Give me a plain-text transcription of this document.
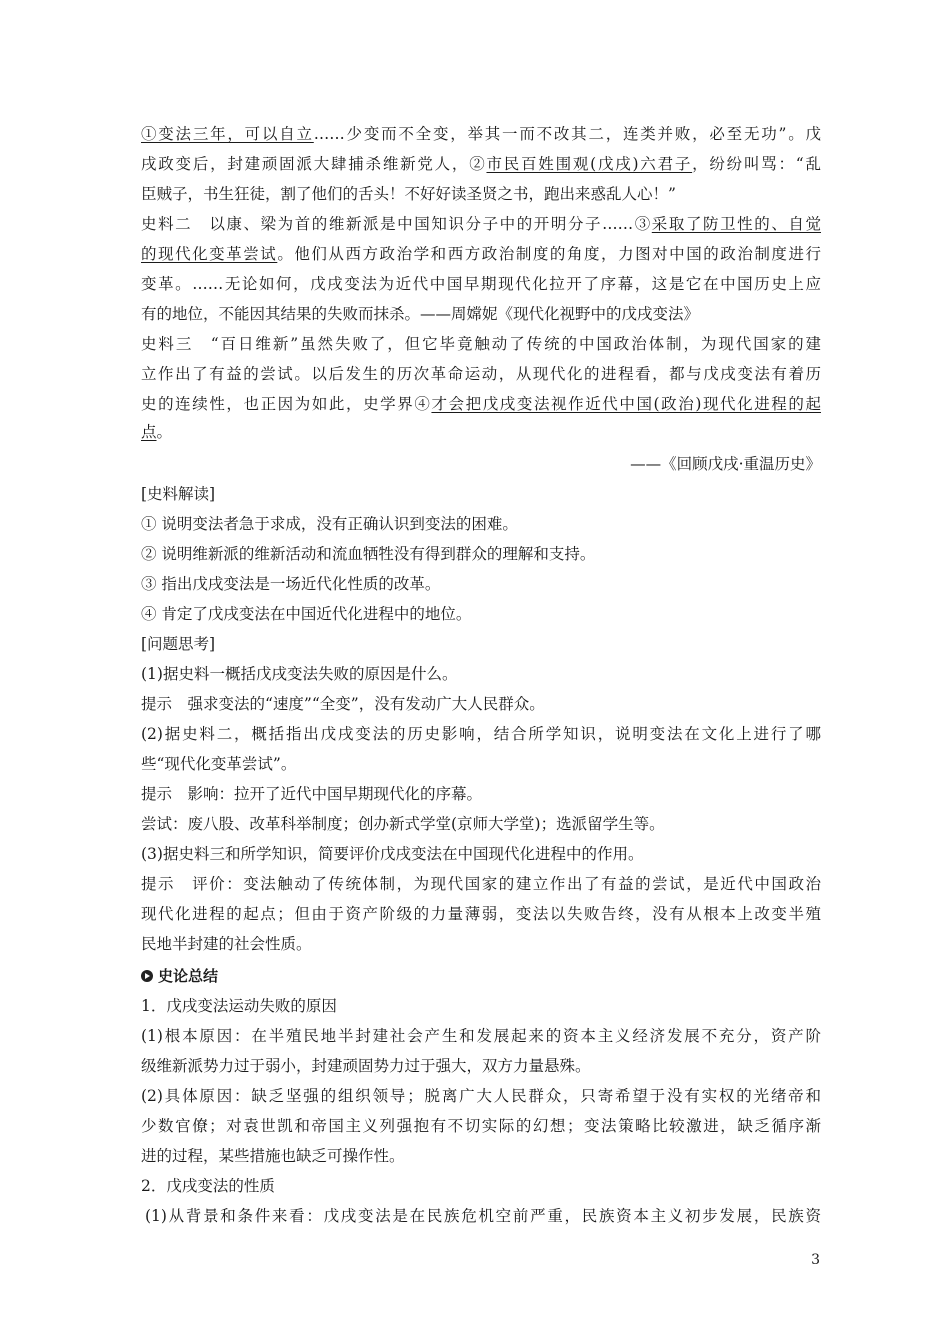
①变法三年，可以自立……少变而不全变，举其一而不改其二，连类并败，必至无功”。戊
戌政变后，封建顽固派大肆捕杀维新党人，②市民百姓围观(戊戌)六君子，纷纷叫骂：“乱
臣贼子，书生狂徒，割了他们的舌头！不好好读圣贤之书，跑出来惑乱人心！”
史料二　以康、梁为首的维新派是中国知识分子中的开明分子……③采取了防卫性的、自觉
的现代化变革尝试。他们从西方政治学和西方政治制度的角度，力图对中国的政治制度进行
变革。……无论如何，戊戌变法为近代中国早期现代化拉开了序幕，这是它在中国历史上应
有的地位，不能因其结果的失败而抹杀。——周嫦妮《现代化视野中的戊戌变法》
史料三　“百日维新”虽然失败了，但它毕竟触动了传统的中国政治体制，为现代国家的建
立作出了有益的尝试。以后发生的历次革命运动，从现代化的进程看，都与戊戌变法有着历
史的连续性，也正因为如此，史学界④才会把戊戌变法视作近代中国(政治)现代化进程的起
点。
——《回顾戊戌·重温历史》
[史料解读]
① 说明变法者急于求成，没有正确认识到变法的困难。
② 说明维新派的维新活动和流血牺牲没有得到群众的理解和支持。
③ 指出戊戌变法是一场近代化性质的改革。
④ 肯定了戊戌变法在中国近代化进程中的地位。
[问题思考]
(1)据史料一概括戊戌变法失败的原因是什么。
提示　强求变法的“速度”“全变”，没有发动广大人民群众。
(2)据史料二，概括指出戊戌变法的历史影响，结合所学知识，说明变法在文化上进行了哪
些“现代化变革尝试”。
提示　影响：拉开了近代中国早期现代化的序幕。
尝试：废八股、改革科举制度；创办新式学堂(京师大学堂)；选派留学生等。
(3)据史料三和所学知识，简要评价戊戌变法在中国现代化进程中的作用。
提示　评价：变法触动了传统体制，为现代国家的建立作出了有益的尝试，是近代中国政治
现代化进程的起点；但由于资产阶级的力量薄弱，变法以失败告终，没有从根本上改变半殖
民地半封建的社会性质。
史论总结
1．戊戌变法运动失败的原因
(1)根本原因：在半殖民地半封建社会产生和发展起来的资本主义经济发展不充分，资产阶
级维新派势力过于弱小，封建顽固势力过于强大，双方力量悬殊。
(2)具体原因：缺乏坚强的组织领导；脱离广大人民群众，只寄希望于没有实权的光绪帝和
少数官僚；对袁世凯和帝国主义列强抱有不切实际的幻想；变法策略比较激进，缺乏循序渐
进的过程，某些措施也缺乏可操作性。
2．戊戌变法的性质
(1)从背景和条件来看：戊戌变法是在民族危机空前严重，民族资本主义初步发展，民族资
3
